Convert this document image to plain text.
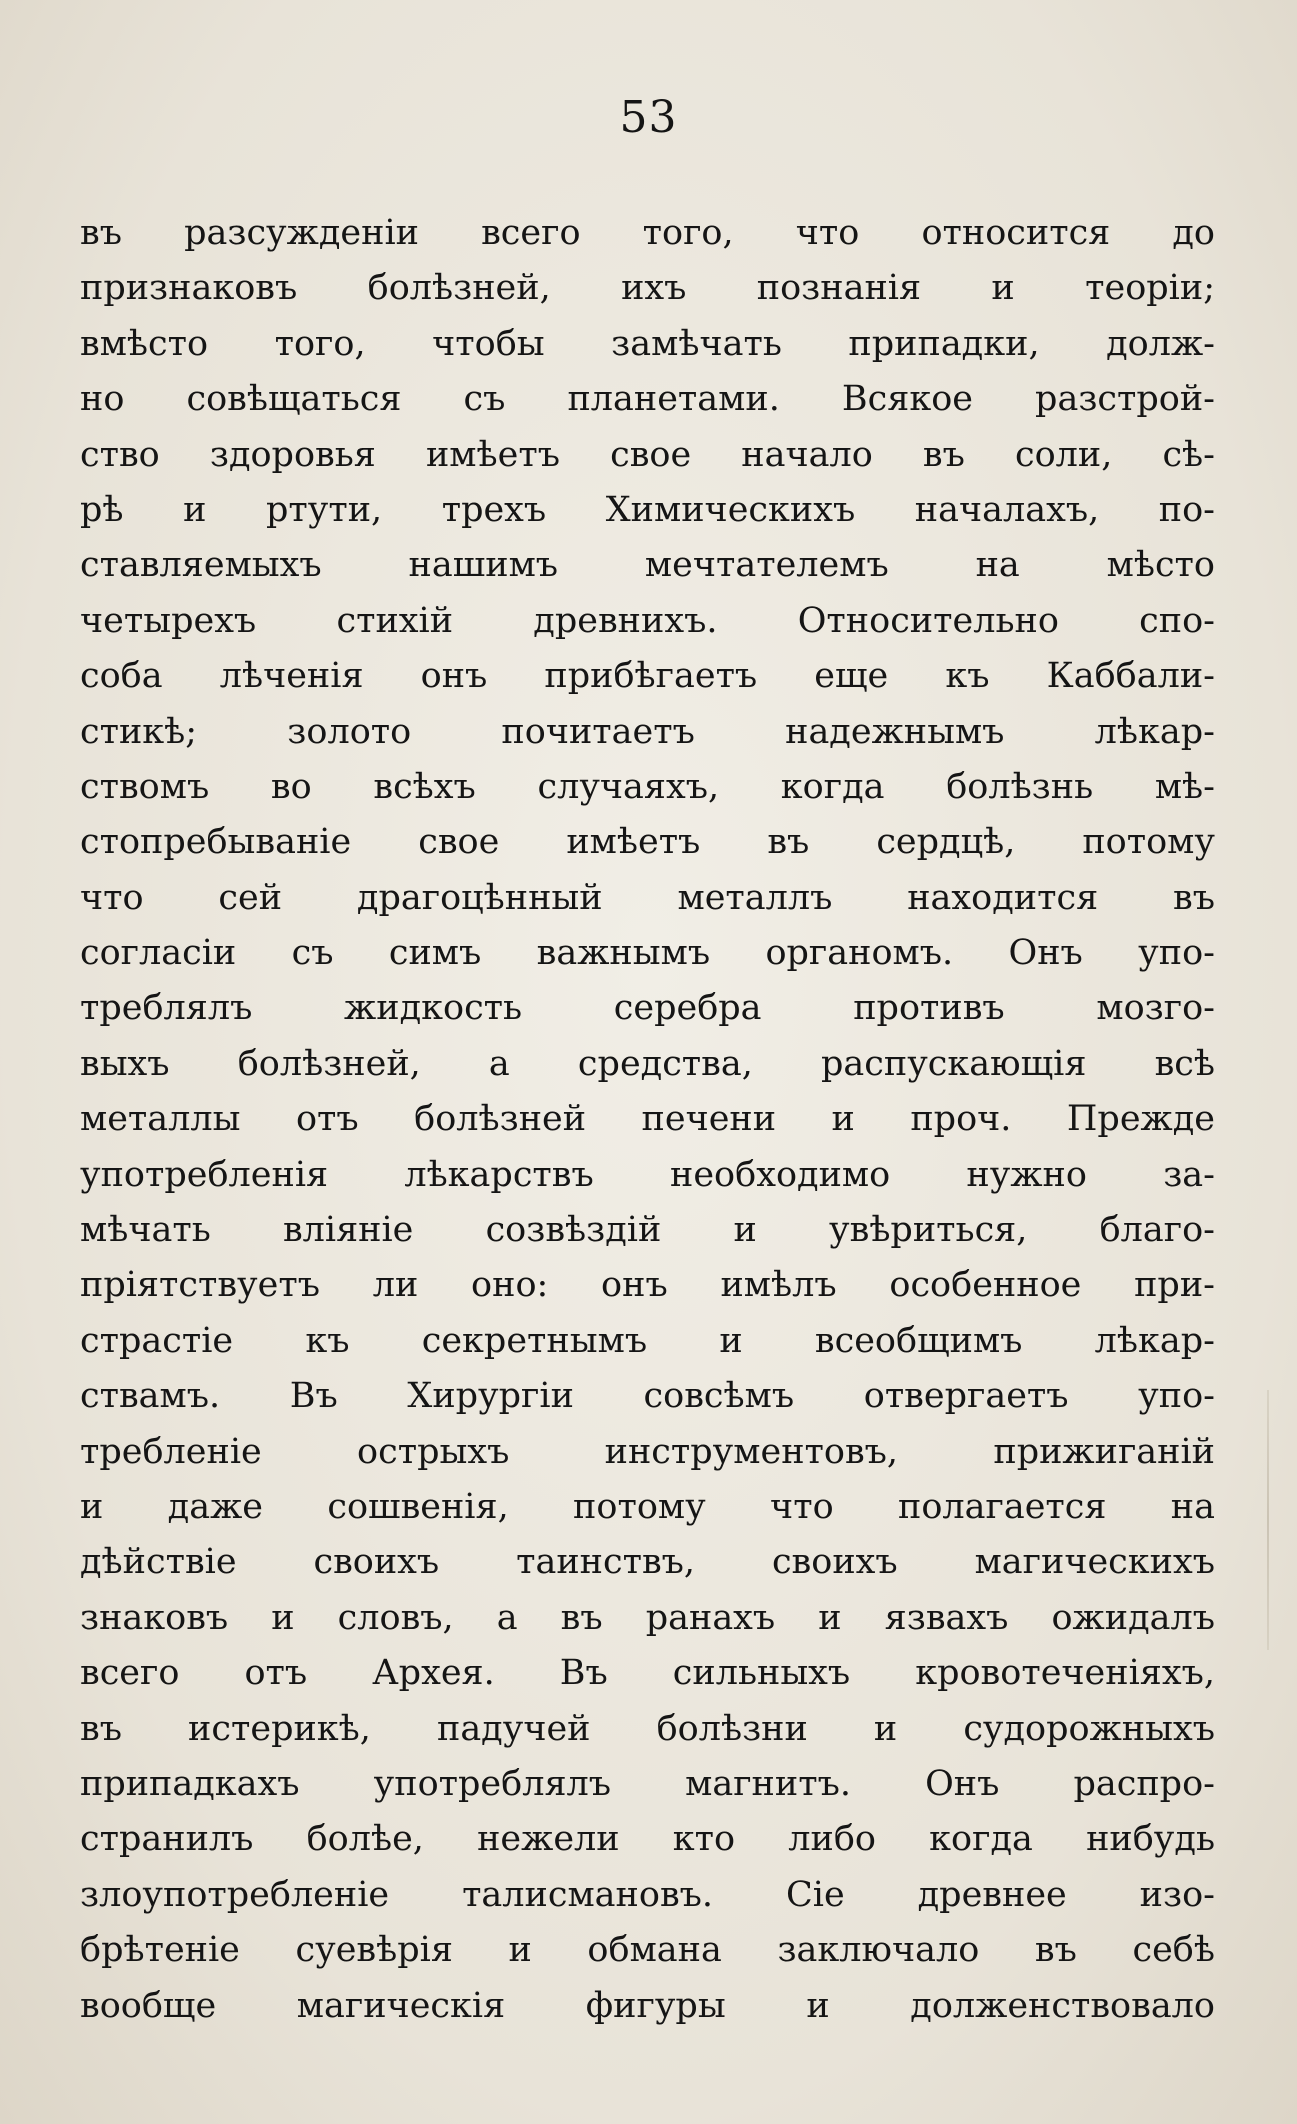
53
въ разсужденіи всего того, что относится до
признаковъ болѣзней, ихъ познанія и теоріи;
вмѣсто того, чтобы замѣчать припадки, долж-
но совѣщаться съ планетами. Всякое разстрой-
ство здоровья имѣетъ свое начало въ соли, сѣ-
рѣ и ртути, трехъ Химическихъ началахъ, по-
ставляемыхъ нашимъ мечтателемъ на мѣсто
четырехъ стихій древнихъ. Относительно спо-
соба лѣченія онъ прибѣгаетъ еще къ Каббали-
стикѣ; золото почитаетъ надежнымъ лѣкар-
ствомъ во всѣхъ случаяхъ, когда болѣзнь мѣ-
стопребываніе свое имѣетъ въ сердцѣ, потому
что сей драгоцѣнный металлъ находится въ
согласіи съ симъ важнымъ органомъ. Онъ упо-
треблялъ жидкость серебра противъ мозго-
выхъ болѣзней, а средства, распускающія всѣ
металлы отъ болѣзней печени и проч. Прежде
употребленія лѣкарствъ необходимо нужно за-
мѣчать вліяніе созвѣздій и увѣриться, благо-
пріятствуетъ ли оно: онъ имѣлъ особенное при-
страстіе къ секретнымъ и всеобщимъ лѣкар-
ствамъ. Въ Хирургіи совсѣмъ отвергаетъ упо-
требленіе острыхъ инструментовъ, прижиганій
и даже сошвенія, потому что полагается на
дѣйствіе своихъ таинствъ, своихъ магическихъ
знаковъ и словъ, а въ ранахъ и язвахъ ожидалъ
всего отъ Архея. Въ сильныхъ кровотеченіяхъ,
въ истерикѣ, падучей болѣзни и судорожныхъ
припадкахъ употреблялъ магнитъ. Онъ распро-
странилъ болѣе, нежели кто либо когда нибудь
злоупотребленіе талисмановъ. Сіе древнее изо-
брѣтеніе суевѣрія и обмана заключало въ себѣ
вообще магическія фигуры и долженствовало
